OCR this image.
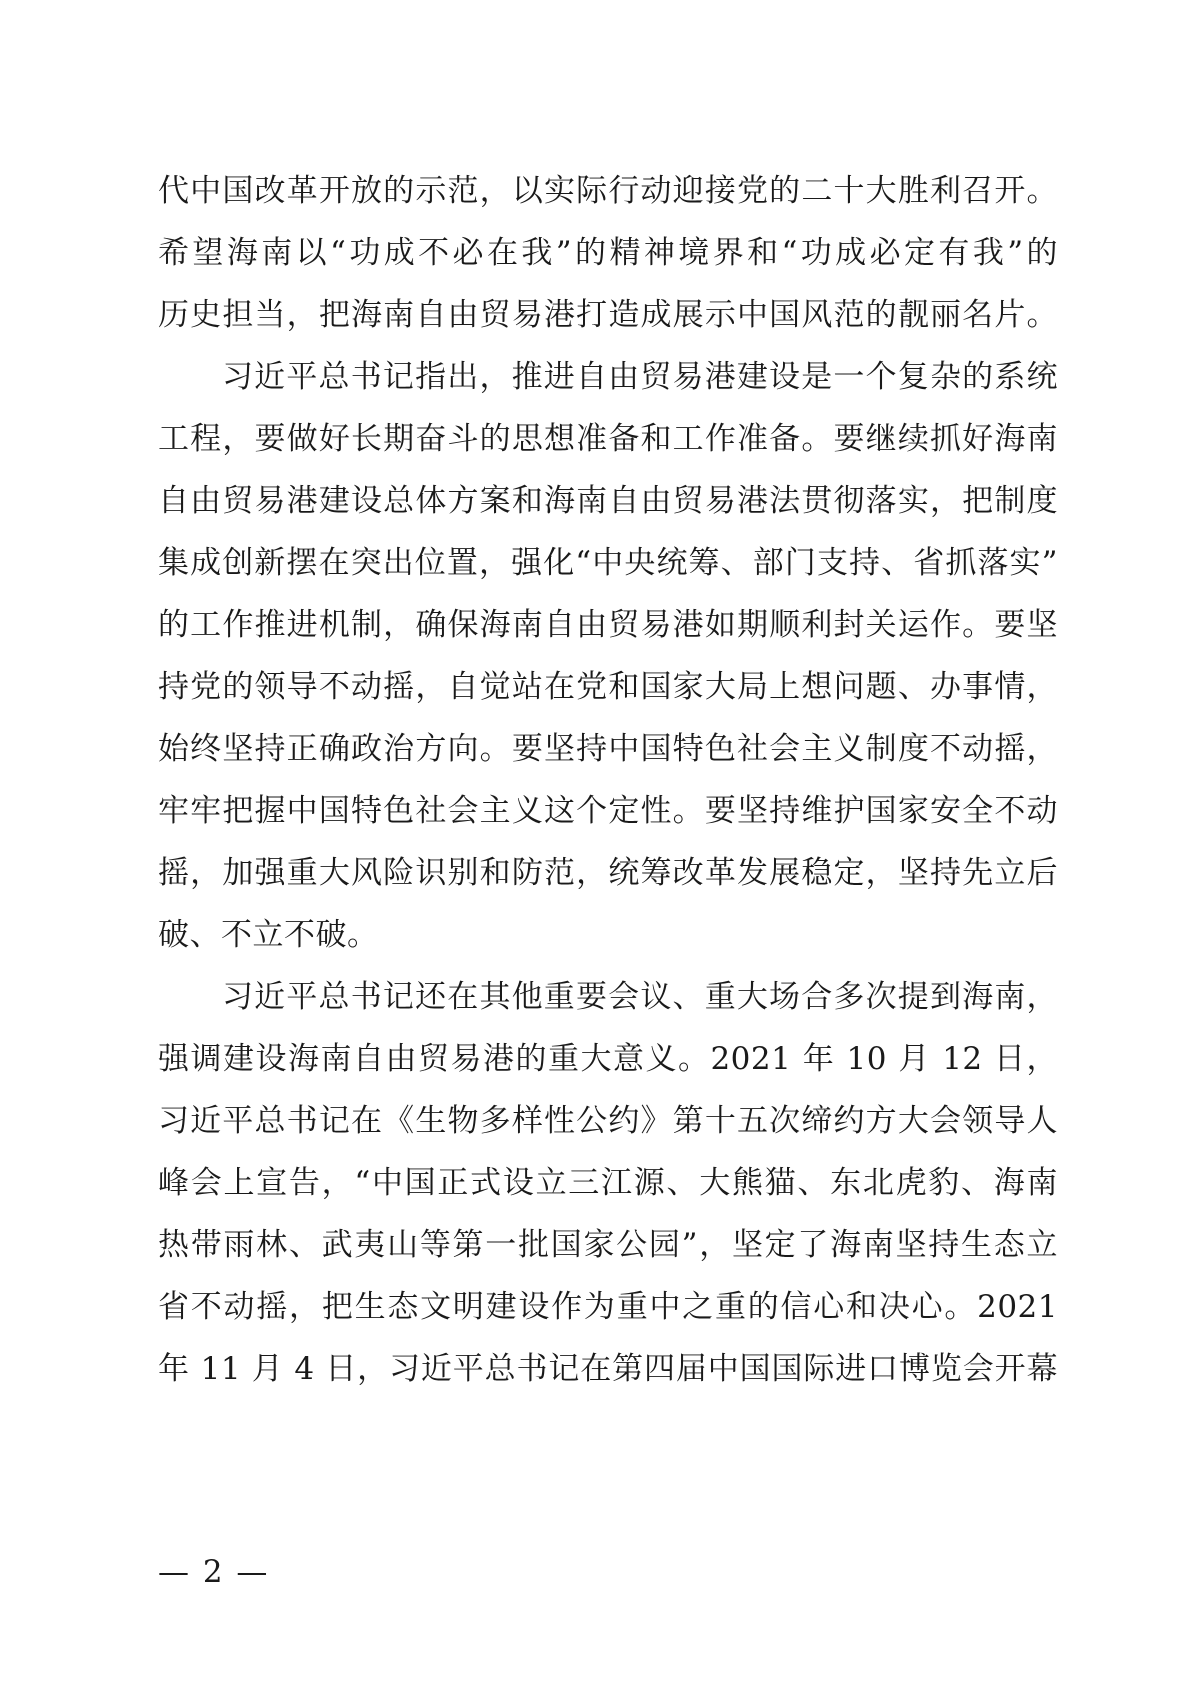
代中国改革开放的示范，以实际行动迎接党的二十大胜利召开。
希望海南以“功成不必在我”的精神境界和“功成必定有我”的
历史担当，把海南自由贸易港打造成展示中国风范的靓丽名片。
习近平总书记指出，推进自由贸易港建设是一个复杂的系统
工程，要做好长期奋斗的思想准备和工作准备。要继续抓好海南
自由贸易港建设总体方案和海南自由贸易港法贯彻落实，把制度
集成创新摆在突出位置，强化“中央统筹、部门支持、省抓落实”
的工作推进机制，确保海南自由贸易港如期顺利封关运作。要坚
持党的领导不动摇，自觉站在党和国家大局上想问题、办事情，
始终坚持正确政治方向。要坚持中国特色社会主义制度不动摇，
牢牢把握中国特色社会主义这个定性。要坚持维护国家安全不动
摇，加强重大风险识别和防范，统筹改革发展稳定，坚持先立后
破、不立不破。
习近平总书记还在其他重要会议、重大场合多次提到海南，
强调建设海南自由贸易港的重大意义。2021 年 10 月 12 日，
习近平总书记在《生物多样性公约》第十五次缔约方大会领导人
峰会上宣告，“中国正式设立三江源、大熊猫、东北虎豹、海南
热带雨林、武夷山等第一批国家公园”，坚定了海南坚持生态立
省不动摇，把生态文明建设作为重中之重的信心和决心。2021
年 11 月 4 日，习近平总书记在第四届中国国际进口博览会开幕
— 2 —
